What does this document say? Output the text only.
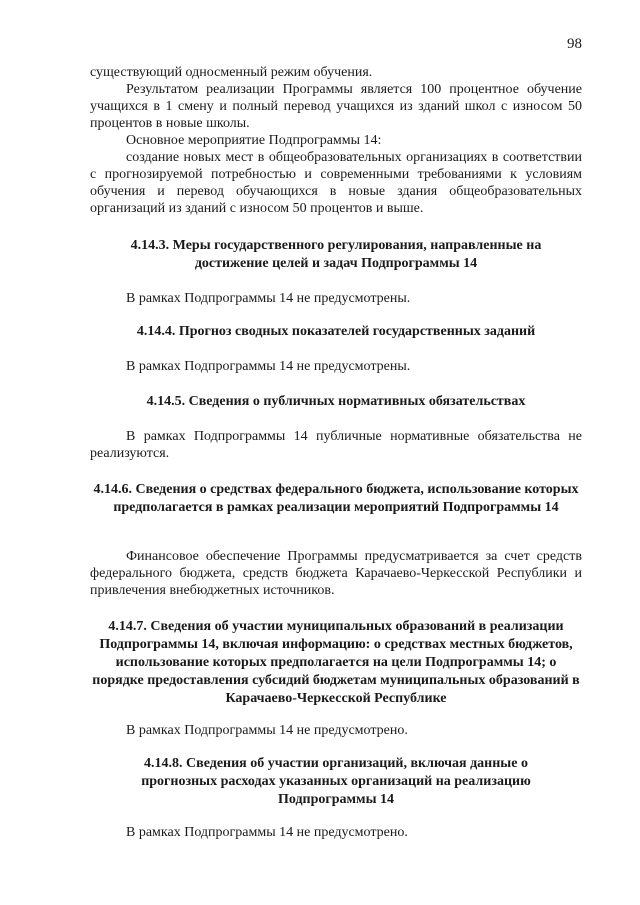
98

существующий односменный режим обучения.

Результатом реализации Программы является 100 процентное обучение учащихся в 1 смену и полный перевод учащихся из зданий школ с износом 50 процентов в новые школы.

Основное мероприятие Подпрограммы 14:

создание новых мест в общеобразовательных организациях в соответствии с прогнозируемой потребностью и современными требованиями к условиям обучения и перевод обучающихся в новые здания общеобразовательных организаций из зданий с износом 50 процентов и выше.

4.14.3. Меры государственного регулирования, направленные на достижение целей и задач Подпрограммы 14

В рамках Подпрограммы 14 не предусмотрены.

4.14.4. Прогноз сводных показателей государственных заданий

В рамках Подпрограммы 14 не предусмотрены.

4.14.5. Сведения о публичных нормативных обязательствах

В рамках Подпрограммы 14 публичные нормативные обязательства не реализуются.

4.14.6. Сведения о средствах федерального бюджета, использование которых предполагается в рамках реализации мероприятий Подпрограммы 14

Финансовое обеспечение Программы предусматривается за счет средств федерального бюджета, средств бюджета Карачаево-Черкесской Республики и привлечения внебюджетных источников.

4.14.7. Сведения об участии муниципальных образований в реализации Подпрограммы 14, включая информацию: о средствах местных бюджетов, использование которых предполагается на цели Подпрограммы 14; о порядке предоставления субсидий бюджетам муниципальных образований в Карачаево-Черкесской Республике

В рамках Подпрограммы 14 не предусмотрено.

4.14.8. Сведения об участии организаций, включая данные о прогнозных расходах указанных организаций на реализацию Подпрограммы 14

В рамках Подпрограммы 14 не предусмотрено.
